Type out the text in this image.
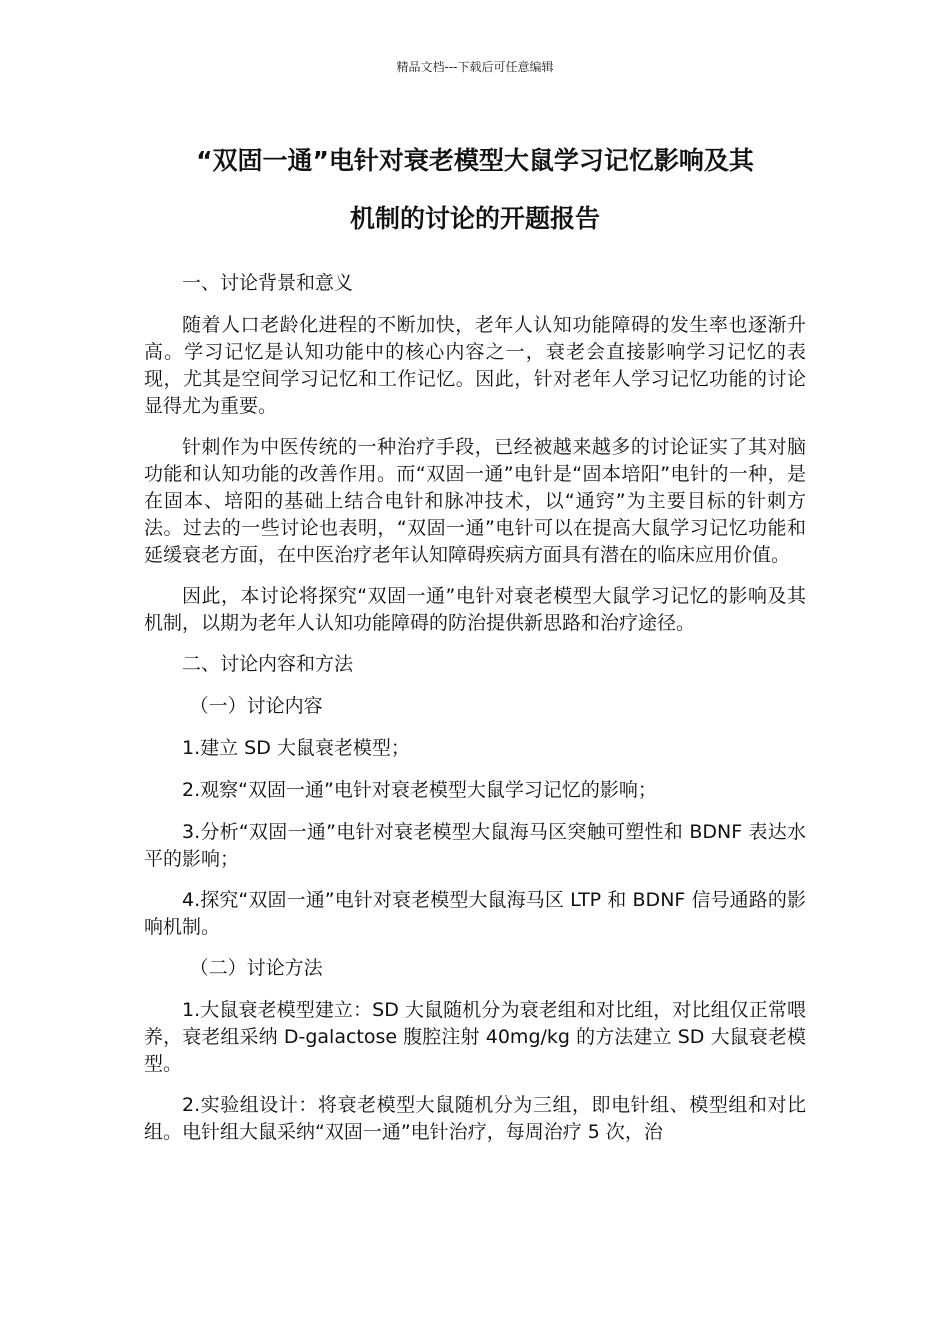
精品文档---下载后可任意编辑
“双固一通”电针对衰老模型大鼠学习记忆影响及其
机制的讨论的开题报告

一、讨论背景和意义

随着人口老龄化进程的不断加快，老年人认知功能障碍的发生率也逐渐升高。学习记忆是认知功能中的核心内容之一，衰老会直接影响学习记忆的表现，尤其是空间学习记忆和工作记忆。因此，针对老年人学习记忆功能的讨论显得尤为重要。

针刺作为中医传统的一种治疗手段，已经被越来越多的讨论证实了其对脑功能和认知功能的改善作用。而“双固一通”电针是“固本培阳”电针的一种，是在固本、培阳的基础上结合电针和脉冲技术，以“通窍”为主要目标的针刺方法。过去的一些讨论也表明，“双固一通”电针可以在提高大鼠学习记忆功能和延缓衰老方面，在中医治疗老年认知障碍疾病方面具有潜在的临床应用价值。

因此，本讨论将探究“双固一通”电针对衰老模型大鼠学习记忆的影响及其机制，以期为老年人认知功能障碍的防治提供新思路和治疗途径。

二、讨论内容和方法

（一）讨论内容

1.建立 SD 大鼠衰老模型；

2.观察“双固一通”电针对衰老模型大鼠学习记忆的影响；

3.分析“双固一通”电针对衰老模型大鼠海马区突触可塑性和 BDNF 表达水平的影响；

4.探究“双固一通”电针对衰老模型大鼠海马区 LTP 和 BDNF 信号通路的影响机制。

（二）讨论方法

1.大鼠衰老模型建立：SD 大鼠随机分为衰老组和对比组，对比组仅正常喂养，衰老组采纳 D-galactose 腹腔注射 40mg/kg 的方法建立 SD 大鼠衰老模型。

2.实验组设计：将衰老模型大鼠随机分为三组，即电针组、模型组和对比组。电针组大鼠采纳“双固一通”电针治疗，每周治疗 5 次，治
